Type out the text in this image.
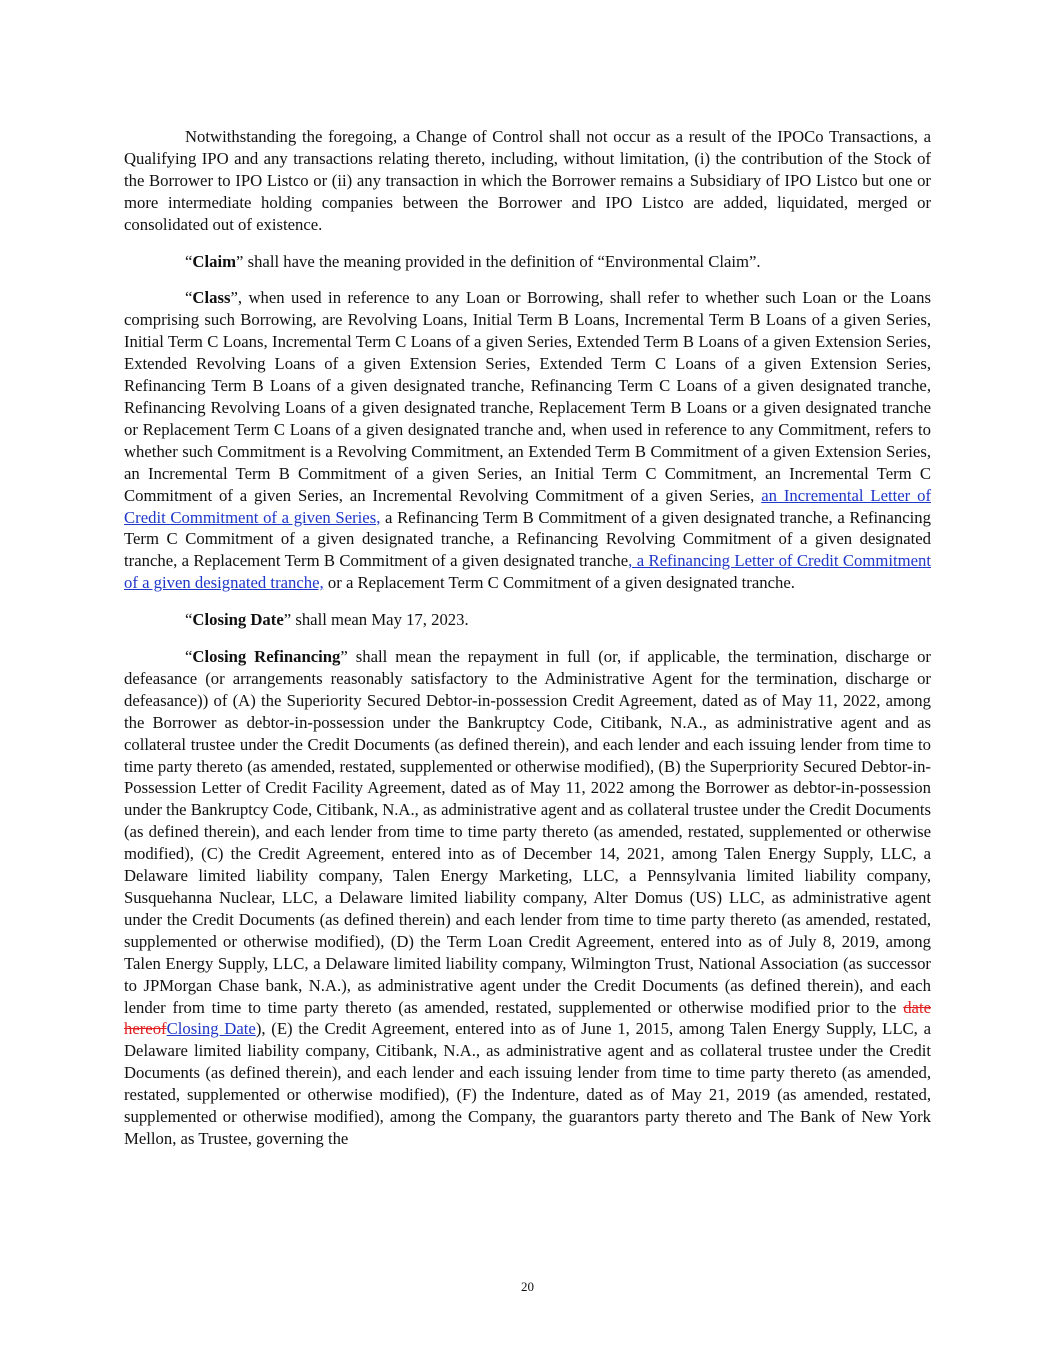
Notwithstanding the foregoing, a Change of Control shall not occur as a result of the IPOCo Transactions, a Qualifying IPO and any transactions relating thereto, including, without limitation, (i) the contribution of the Stock of the Borrower to IPO Listco or (ii) any transaction in which the Borrower remains a Subsidiary of IPO Listco but one or more intermediate holding companies between the Borrower and IPO Listco are added, liquidated, merged or consolidated out of existence.

“Claim” shall have the meaning provided in the definition of “Environmental Claim”.

“Class”, when used in reference to any Loan or Borrowing, shall refer to whether such Loan or the Loans comprising such Borrowing, are Revolving Loans, Initial Term B Loans, Incremental Term B Loans of a given Series, Initial Term C Loans, Incremental Term C Loans of a given Series, Extended Term B Loans of a given Extension Series, Extended Revolving Loans of a given Extension Series, Extended Term C Loans of a given Extension Series, Refinancing Term B Loans of a given designated tranche, Refinancing Term C Loans of a given designated tranche, Refinancing Revolving Loans of a given designated tranche, Replacement Term B Loans or a given designated tranche or Replacement Term C Loans of a given designated tranche and, when used in reference to any Commitment, refers to whether such Commitment is a Revolving Commitment, an Extended Term B Commitment of a given Extension Series, an Incremental Term B Commitment of a given Series, an Initial Term C Commitment, an Incremental Term C Commitment of a given Series, an Incremental Revolving Commitment of a given Series, an Incremental Letter of Credit Commitment of a given Series, a Refinancing Term B Commitment of a given designated tranche, a Refinancing Term C Commitment of a given designated tranche, a Refinancing Revolving Commitment of a given designated tranche, a Replacement Term B Commitment of a given designated tranche, a Refinancing Letter of Credit Commitment of a given designated tranche, or a Replacement Term C Commitment of a given designated tranche.

“Closing Date” shall mean May 17, 2023.

“Closing Refinancing” shall mean the repayment in full (or, if applicable, the termination, discharge or defeasance (or arrangements reasonably satisfactory to the Administrative Agent for the termination, discharge or defeasance)) of (A) the Superiority Secured Debtor-in-possession Credit Agreement, dated as of May 11, 2022, among the Borrower as debtor-in-possession under the Bankruptcy Code, Citibank, N.A., as administrative agent and as collateral trustee under the Credit Documents (as defined therein), and each lender and each issuing lender from time to time party thereto (as amended, restated, supplemented or otherwise modified), (B) the Superpriority Secured Debtor-in-Possession Letter of Credit Facility Agreement, dated as of May 11, 2022 among the Borrower as debtor-in-possession under the Bankruptcy Code, Citibank, N.A., as administrative agent and as collateral trustee under the Credit Documents (as defined therein), and each lender from time to time party thereto (as amended, restated, supplemented or otherwise modified), (C) the Credit Agreement, entered into as of December 14, 2021, among Talen Energy Supply, LLC, a Delaware limited liability company, Talen Energy Marketing, LLC, a Pennsylvania limited liability company, Susquehanna Nuclear, LLC, a Delaware limited liability company, Alter Domus (US) LLC, as administrative agent under the Credit Documents (as defined therein) and each lender from time to time party thereto (as amended, restated, supplemented or otherwise modified), (D) the Term Loan Credit Agreement, entered into as of July 8, 2019, among Talen Energy Supply, LLC, a Delaware limited liability company, Wilmington Trust, National Association (as successor to JPMorgan Chase bank, N.A.), as administrative agent under the Credit Documents (as defined therein), and each lender from time to time party thereto (as amended, restated, supplemented or otherwise modified prior to the date hereofClosing Date), (E) the Credit Agreement, entered into as of June 1, 2015, among Talen Energy Supply, LLC, a Delaware limited liability company, Citibank, N.A., as administrative agent and as collateral trustee under the Credit Documents (as defined therein), and each lender and each issuing lender from time to time party thereto (as amended, restated, supplemented or otherwise modified), (F) the Indenture, dated as of May 21, 2019 (as amended, restated, supplemented or otherwise modified), among the Company, the guarantors party thereto and The Bank of New York Mellon, as Trustee, governing the

20
